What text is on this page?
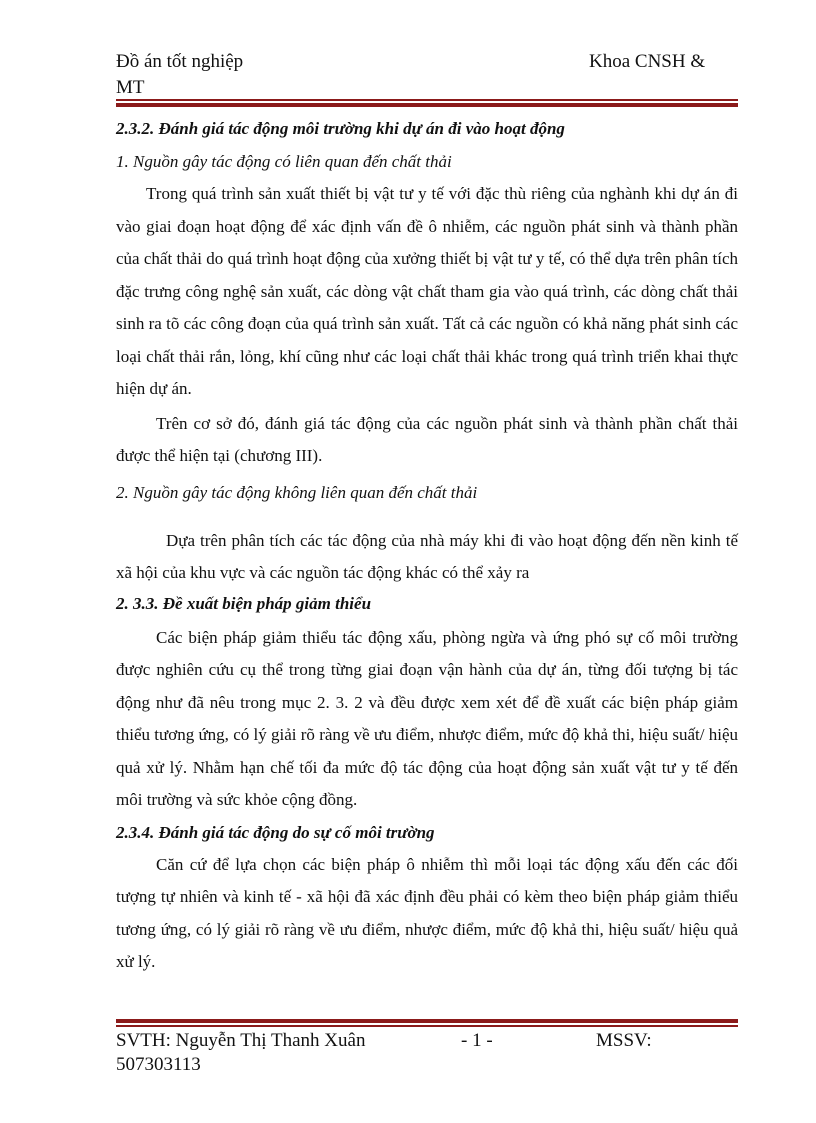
Đồ án tốt nghiệp
MT
Khoa CNSH &

2.3.2. Đánh giá tác động môi trường khi dự án đi vào hoạt động

1. Nguồn gây tác động có liên quan đến chất thải

Trong quá trình sản xuất thiết bị vật tư y tế với đặc thù riêng của nghành khi dự án đi vào giai đoạn hoạt động để xác định vấn đề ô nhiễm, các nguồn phát sinh và thành phần của chất thải do quá trình hoạt động của xưởng thiết bị vật tư y tế, có thể dựa trên phân tích đặc trưng công nghệ sản xuất, các dòng vật chất tham gia vào quá trình, các dòng chất thải sinh ra tõ các công đoạn của quá trình sản xuất. Tất cả các nguồn có khả năng phát sinh các loại chất thải rắn, lỏng, khí cũng như các loại chất thải khác trong quá trình triển khai thực hiện dự án.

Trên cơ sở đó, đánh giá tác động của các nguồn phát sinh và thành phần chất thải được thể hiện tại (chương III).

2. Nguồn gây tác động không liên quan đến chất thải

Dựa trên phân tích các tác động của nhà máy khi đi vào hoạt động đến nền kinh tế xã hội của khu vực và các nguồn tác động khác có thể xảy ra

2. 3.3. Đề xuất biện pháp giảm thiểu

Các biện pháp giảm thiểu tác động xấu, phòng ngừa và ứng phó sự cố môi trường được nghiên cứu cụ thể trong từng giai đoạn vận hành của dự án, từng đối tượng bị tác động như đã nêu trong mục 2. 3. 2 và đều được xem xét để đề xuất các biện pháp giảm thiểu tương ứng, có lý giải rõ ràng về ưu điểm, nhược điểm, mức độ khả thi, hiệu suất/ hiệu quả xử lý. Nhằm hạn chế tối đa mức độ tác động của hoạt động sản xuất vật tư y tế đến môi trường và sức khỏe cộng đồng.

2.3.4. Đánh giá tác động do sự cố môi trường

Căn cứ để lựa chọn các biện pháp ô nhiễm thì mỗi loại tác động xấu đến các đối tượng tự nhiên và kinh tế - xã hội đã xác định đều phải có kèm theo biện pháp giảm thiểu tương ứng, có lý giải rõ ràng về ưu điểm, nhược điểm, mức độ khả thi, hiệu suất/ hiệu quả xử lý.

SVTH: Nguyễn Thị Thanh Xuân
507303113
- 1 -	MSSV:
